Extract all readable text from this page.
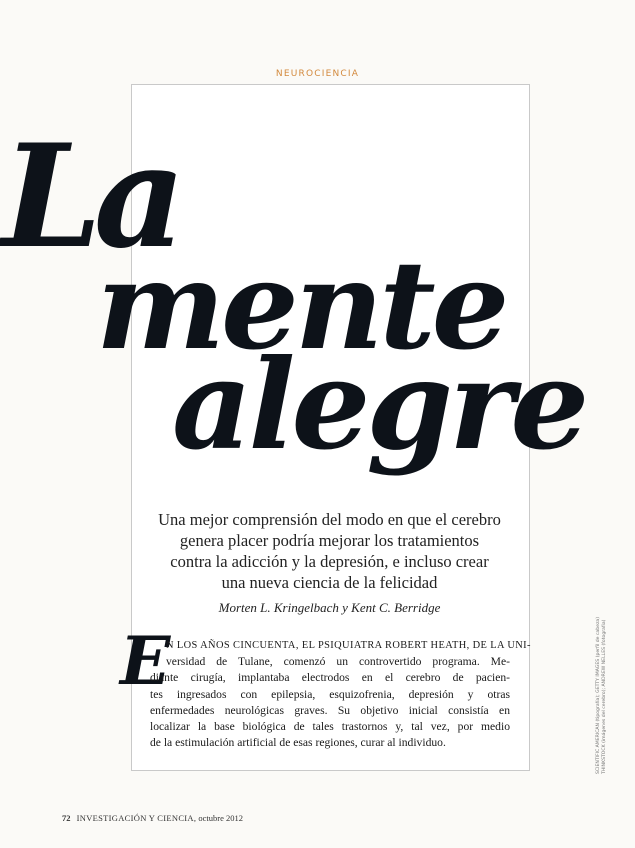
NEUROCIENCIA
La
mente
alegre
Una mejor comprensión del modo en que el cerebro
genera placer podría mejorar los tratamientos
contra la adicción y la depresión, e incluso crear
una nueva ciencia de la felicidad
Morten L. Kringelbach y Kent C. Berridge
E
N LOS AÑOS CINCUENTA, EL PSIQUIATRA ROBERT HEATH, DE LA UNI-
versidad de Tulane, comenzó un controvertido programa. Me-
diante cirugía, implantaba electrodos en el cerebro de pacien-
tes ingresados con epilepsia, esquizofrenia, depresión y otras
enfermedades neurológicas graves. Su objetivo inicial consistía en
localizar la base biológica de tales trastornos y, tal vez, por medio
de la estimulación artificial de esas regiones, curar al individuo.	SCIENTIFIC AMERICAN (tipografía); GETTY IMAGES (perfil de cabeza) THINKSTOCK (imágenes del cerebro); ANDREW NELLES (fotografía)
72 INVESTIGACIÓN Y CIENCIA, octubre 2012
